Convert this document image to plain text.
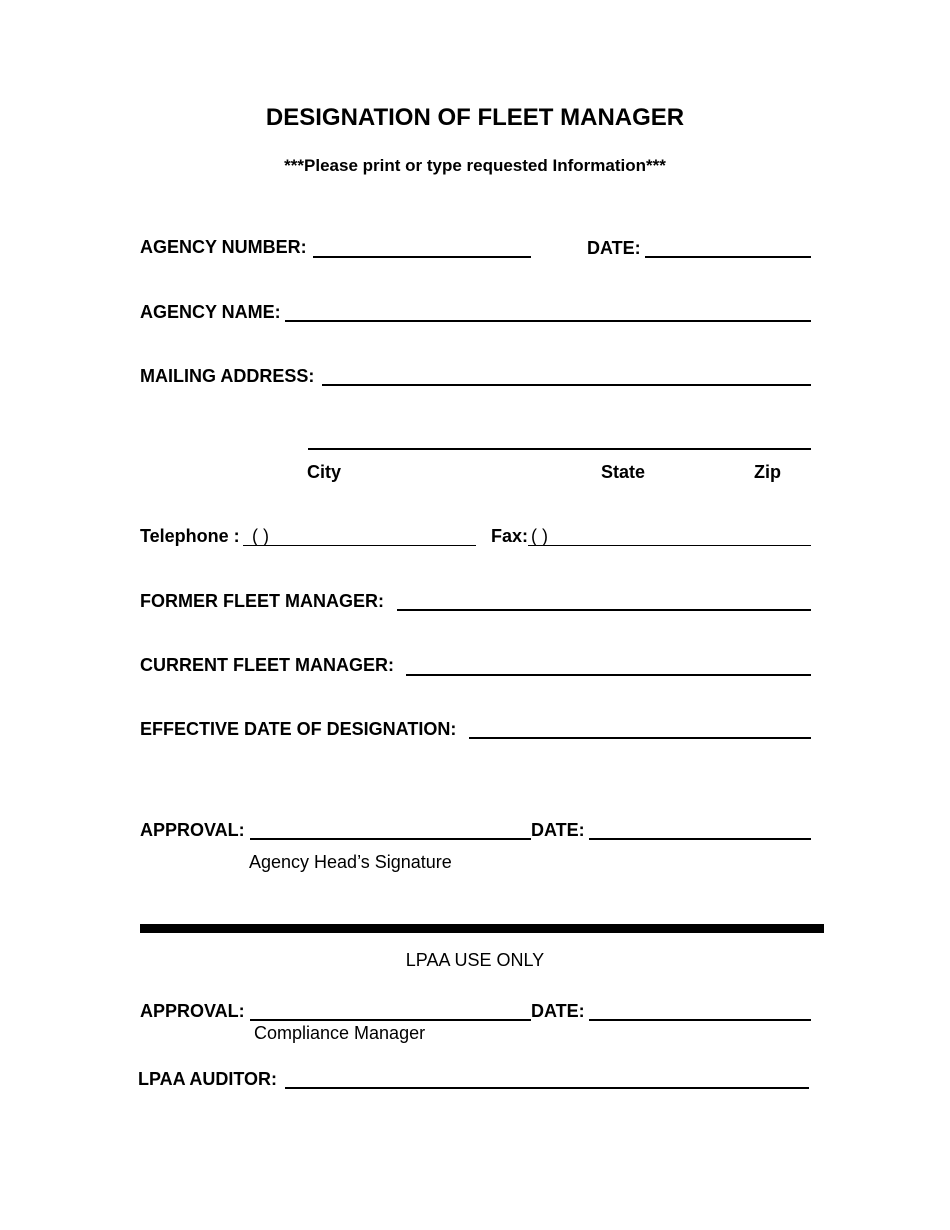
DESIGNATION OF FLEET MANAGER
***Please print or type requested Information***
AGENCY NUMBER:	DATE:
AGENCY NAME:
MAILING ADDRESS:
City	State	Zip
Telephone : ( )	Fax: ( )
FORMER FLEET MANAGER:
CURRENT FLEET MANAGER:
EFFECTIVE DATE OF DESIGNATION:
APPROVAL:	DATE:
Agency Head’s Signature
LPAA USE ONLY
APPROVAL:	DATE:
Compliance Manager
LPAA AUDITOR:
